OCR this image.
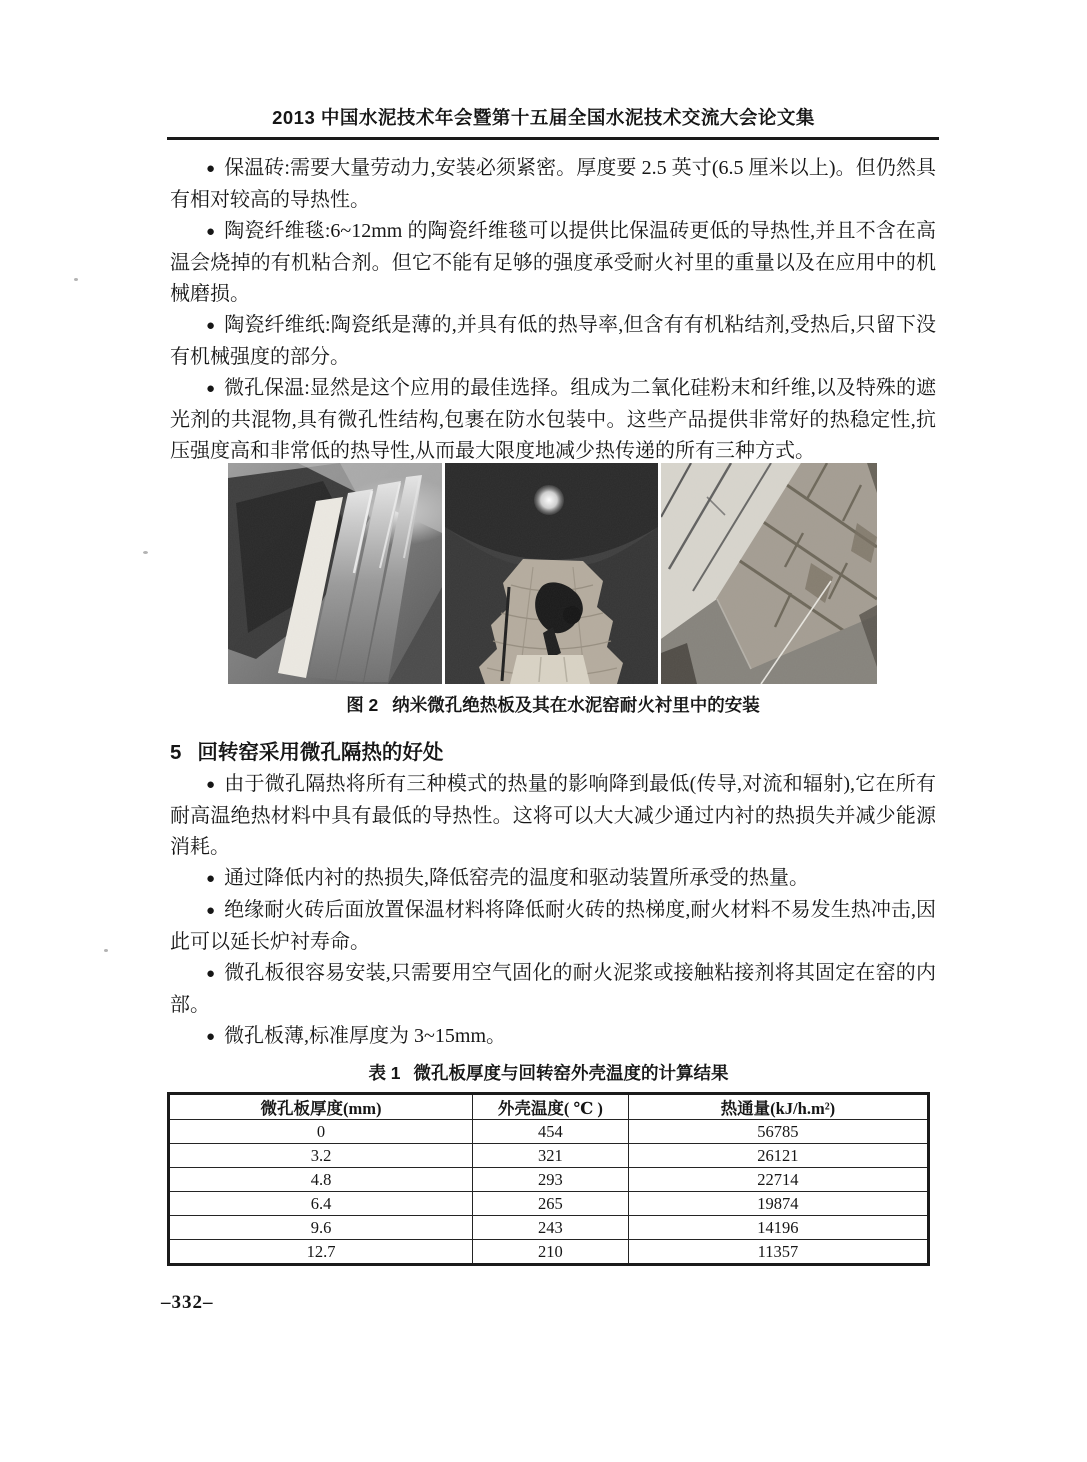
2013 中国水泥技术年会暨第十五届全国水泥技术交流大会论文集

● 保温砖:需要大量劳动力,安装必须紧密。厚度要 2.5 英寸(6.5 厘米以上)。但仍然具有相对较高的导热性。

● 陶瓷纤维毯:6~12mm 的陶瓷纤维毯可以提供比保温砖更低的导热性,并且不含在高温会烧掉的有机粘合剂。但它不能有足够的强度承受耐火衬里的重量以及在应用中的机械磨损。

● 陶瓷纤维纸:陶瓷纸是薄的,并具有低的热导率,但含有有机粘结剂,受热后,只留下没有机械强度的部分。

● 微孔保温:显然是这个应用的最佳选择。组成为二氧化硅粉末和纤维,以及特殊的遮光剂的共混物,具有微孔性结构,包裹在防水包装中。这些产品提供非常好的热稳定性,抗压强度高和非常低的热导性,从而最大限度地减少热传递的所有三种方式。

图 2 纳米微孔绝热板及其在水泥窑耐火衬里中的安装

5 回转窑采用微孔隔热的好处

● 由于微孔隔热将所有三种模式的热量的影响降到最低(传导,对流和辐射),它在所有耐高温绝热材料中具有最低的导热性。这将可以大大减少通过内衬的热损失并减少能源消耗。

● 通过降低内衬的热损失,降低窑壳的温度和驱动装置所承受的热量。

● 绝缘耐火砖后面放置保温材料将降低耐火砖的热梯度,耐火材料不易发生热冲击,因此可以延长炉衬寿命。

● 微孔板很容易安装,只需要用空气固化的耐火泥浆或接触粘接剂将其固定在窑的内部。

● 微孔板薄,标准厚度为 3~15mm。

表 1 微孔板厚度与回转窑外壳温度的计算结果
微孔板厚度(mm)	外壳温度( ℃ )	热通量(kJ/h.m²)
0	454	56785
3.2	321	26121
4.8	293	22714
6.4	265	19874
9.6	243	14196
12.7	210	11357
–332–
